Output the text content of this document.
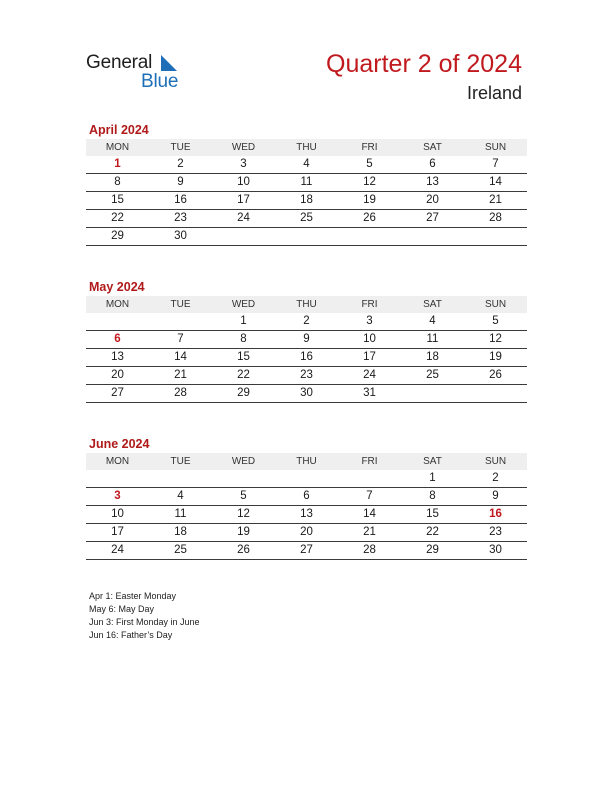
General
Blue
Quarter 2 of 2024
Ireland
April 2024
MON	TUE	WED	THU	FRI	SAT	SUN
1	2	3	4	5	6	7
8	9	10	11	12	13	14
15	16	17	18	19	20	21
22	23	24	25	26	27	28
29	30					
May 2024
MON	TUE	WED	THU	FRI	SAT	SUN
		1	2	3	4	5
6	7	8	9	10	11	12
13	14	15	16	17	18	19
20	21	22	23	24	25	26
27	28	29	30	31		
June 2024
MON	TUE	WED	THU	FRI	SAT	SUN
					1	2
3	4	5	6	7	8	9
10	11	12	13	14	15	16
17	18	19	20	21	22	23
24	25	26	27	28	29	30
Apr 1: Easter Monday
May 6: May Day
Jun 3: First Monday in June
Jun 16: Father’s Day
